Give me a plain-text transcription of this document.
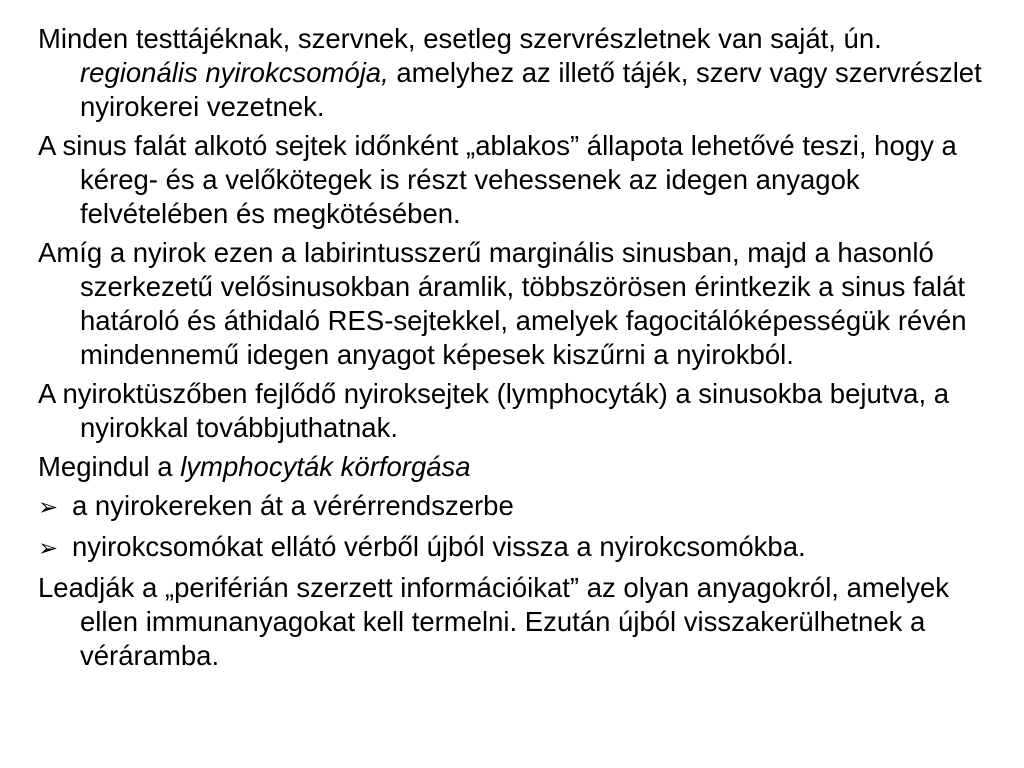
Minden testtájéknak, szervnek, esetleg szervrészletnek van saját, ún. regionális nyirokcsomója, amelyhez az illető tájék, szerv vagy szervrészlet nyirokerei vezetnek.

A sinus falát alkotó sejtek időnként „ablakos” állapota lehetővé teszi, hogy a kéreg- és a velőkötegek is részt vehessenek az idegen anyagok felvételében és megkötésében.

Amíg a nyirok ezen a labirintusszerű marginális sinusban, majd a hasonló szerkezetű velősinusokban áramlik, többszörösen érintkezik a sinus falát határoló és áthidaló RES-sejtekkel, amelyek fagocitálóképességük révén mindennemű idegen anyagot képesek kiszűrni a nyirokból.

A nyiroktüszőben fejlődő nyiroksejtek (lymphocyták) a sinusokba bejutva, a nyirokkal továbbjuthatnak.

Megindul a lymphocyták körforgása

➢ a nyirokereken át a vérérrendszerbe

➢ nyirokcsomókat ellátó vérből újból vissza a nyirokcsomókba.

Leadják a „periférián szerzett információikat” az olyan anyagokról, amelyek ellen immunanyagokat kell termelni. Ezután újból visszakerülhetnek a véráramba.
